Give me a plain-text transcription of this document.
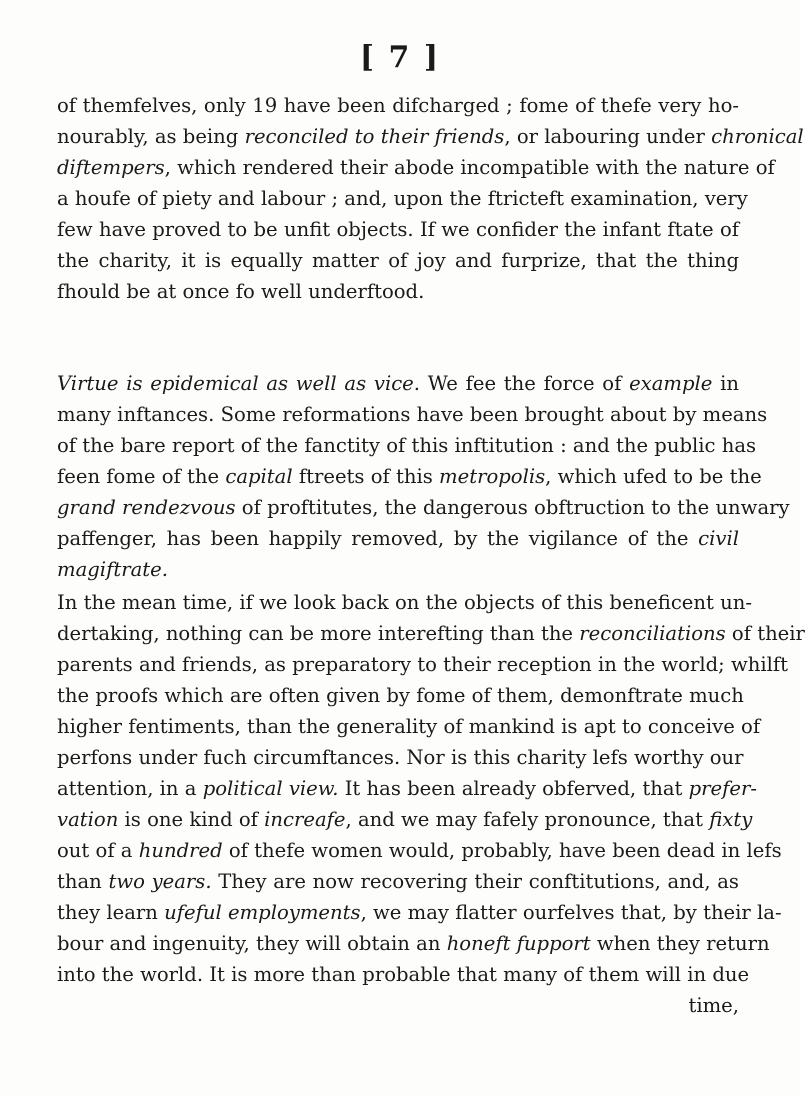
[ 7 ]
of themfelves, only 19 have been difcharged ; fome of thefe very ho-
nourably, as being reconciled to their friends, or labouring under chronical
diftempers, which rendered their abode incompatible with the nature of
a houfe of piety and labour ; and, upon the ftricteft examination, very
few have proved to be unfit objects. If we confider the infant ftate of
the charity, it is equally matter of joy and furprize, that the thing
fhould be at once fo well underftood.
Virtue is epidemical as well as vice. We fee the force of example in
many inftances. Some reformations have been brought about by means
of the bare report of the fanctity of this inftitution : and the public has
feen fome of the capital ftreets of this metropolis, which ufed to be the
grand rendezvous of proftitutes, the dangerous obftruction to the unwary
paffenger, has been happily removed, by the vigilance of the civil
magiftrate.
In the mean time, if we look back on the objects of this beneficent un-
dertaking, nothing can be more interefting than the reconciliations of their
parents and friends, as preparatory to their reception in the world; whilft
the proofs which are often given by fome of them, demonftrate much
higher fentiments, than the generality of mankind is apt to conceive of
perfons under fuch circumftances. Nor is this charity lefs worthy our
attention, in a political view. It has been already obferved, that prefer-
vation is one kind of increafe, and we may fafely pronounce, that fixty
out of a hundred of thefe women would, probably, have been dead in lefs
than two years. They are now recovering their conftitutions, and, as
they learn ufeful employments, we may flatter ourfelves that, by their la-
bour and ingenuity, they will obtain an honeft fupport when they return
into the world. It is more than probable that many of them will in due
time,
